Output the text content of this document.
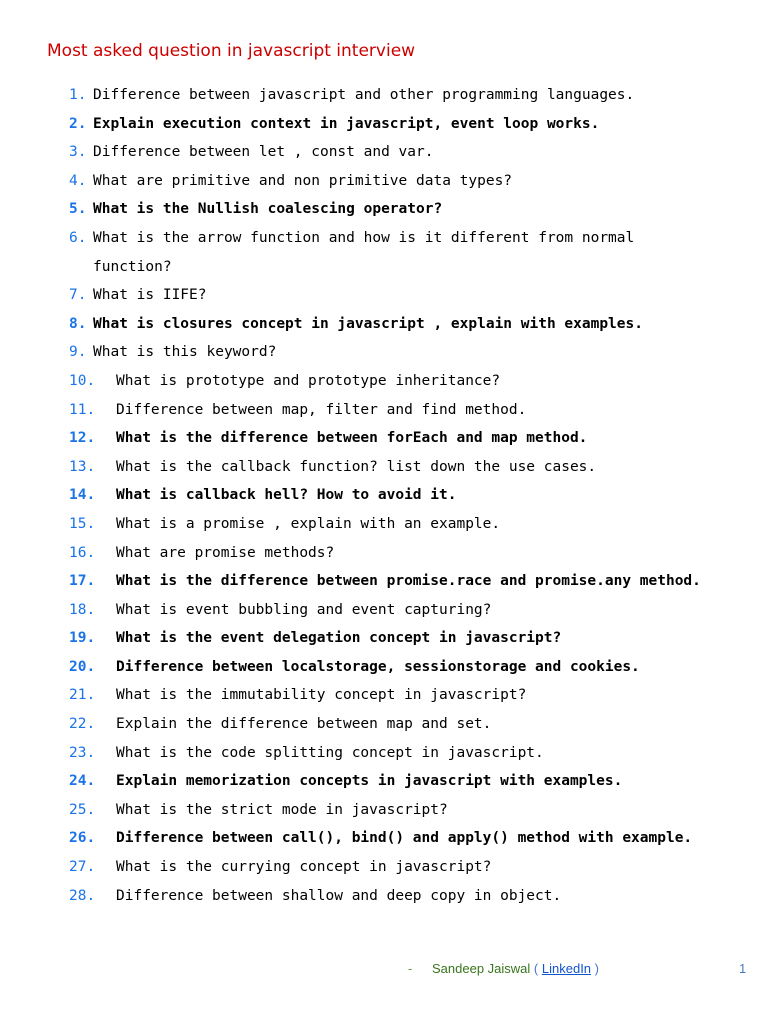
Most asked question in javascript interview
1. Difference between javascript and other programming languages.
2. Explain execution context in javascript, event loop works.
3. Difference between let , const and var.
4. What are primitive and non primitive data types?
5. What is the Nullish coalescing operator?
6. What is the arrow function and how is it different from normal function?
7. What is IIFE?
8. What is closures concept in javascript , explain with examples.
9. What is this keyword?
10.	What is prototype and prototype inheritance?
11.	Difference between map, filter and find method.
12.	What is the difference between forEach and map method.
13.	What is the callback function? list down the use cases.
14.	What is callback hell? How to avoid it.
15.	What is a promise , explain with an example.
16.	What are promise methods?
17.	What is the difference between promise.race and promise.any method.
18.	What is event bubbling and event capturing?
19.	What is the event delegation concept in javascript?
20.	Difference between localstorage, sessionstorage and cookies.
21.	What is the immutability concept in javascript?
22.	Explain the difference between map and set.
23.	What is the code splitting concept in javascript.
24.	Explain memorization concepts in javascript with examples.
25.	What is the strict mode in javascript?
26.	Difference between call(), bind() and apply() method with example.
27.	What is the currying concept in javascript?
28.	Difference between shallow and deep copy in object.
- Sandeep Jaiswal ( LinkedIn )	1
